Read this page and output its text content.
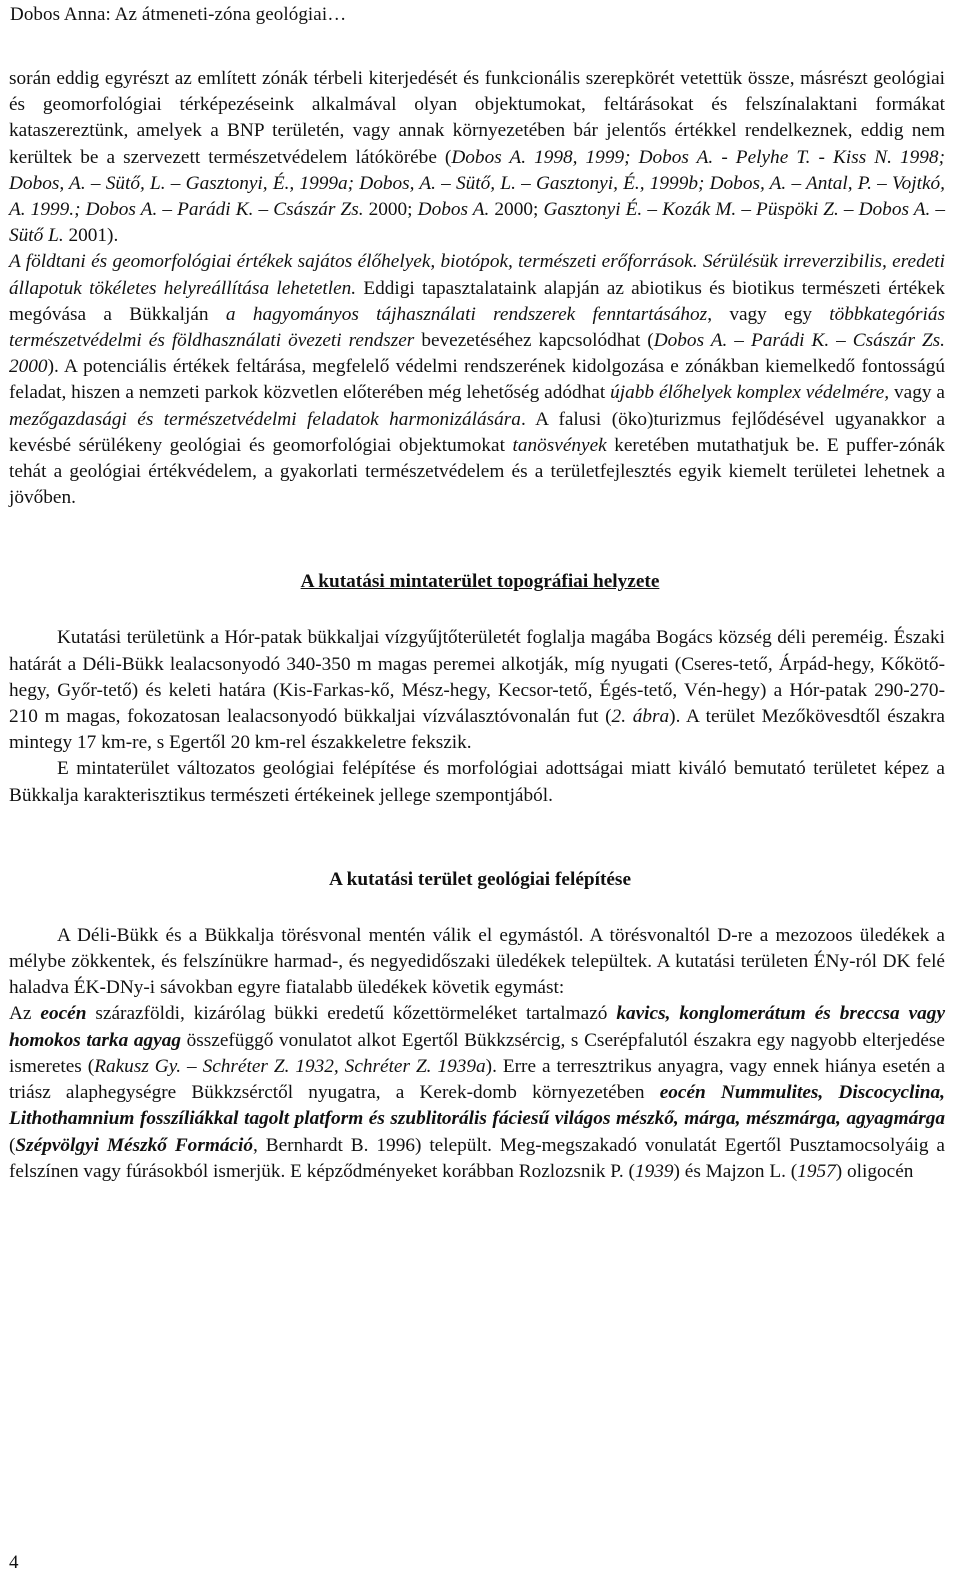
Dobos Anna: Az átmeneti-zóna geológiai…

során eddig egyrészt az említett zónák térbeli kiterjedését és funkcionális szerepkörét vetettük össze, másrészt geológiai és geomorfológiai térképezéseink alkalmával olyan objektumokat, feltárásokat és felszínalaktani formákat kataszereztünk, amelyek a BNP területén, vagy annak környezetében bár jelentős értékkel rendelkeznek, eddig nem kerültek be a szervezett természetvédelem látókörébe (Dobos A. 1998, 1999; Dobos A. - Pelyhe T. - Kiss N. 1998; Dobos, A. – Sütő, L. – Gasztonyi, É., 1999a; Dobos, A. – Sütő, L. – Gasztonyi, É., 1999b; Dobos, A. – Antal, P. – Vojtkó, A. 1999.; Dobos A. – Parádi K. – Császár Zs. 2000; Dobos A. 2000; Gasztonyi É. – Kozák M. – Püspöki Z. – Dobos A. – Sütő L. 2001).

A földtani és geomorfológiai értékek sajátos élőhelyek, biotópok, természeti erőforrások. Sérülésük irreverzibilis, eredeti állapotuk tökéletes helyreállítása lehetetlen. Eddigi tapasztalataink alapján az abiotikus és biotikus természeti értékek megóvása a Bükkalján a hagyományos tájhasználati rendszerek fenntartásához, vagy egy többkategóriás természetvédelmi és földhasználati övezeti rendszer bevezetéséhez kapcsolódhat (Dobos A. – Parádi K. – Császár Zs. 2000). A potenciális értékek feltárása, megfelelő védelmi rendszerének kidolgozása e zónákban kiemelkedő fontosságú feladat, hiszen a nemzeti parkok közvetlen előterében még lehetőség adódhat újabb élőhelyek komplex védelmére, vagy a mezőgazdasági és természetvédelmi feladatok harmonizálására. A falusi (öko)turizmus fejlődésével ugyanakkor a kevésbé sérülékeny geológiai és geomorfológiai objektumokat tanösvények keretében mutathatjuk be. E puffer-zónák tehát a geológiai értékvédelem, a gyakorlati természetvédelem és a területfejlesztés egyik kiemelt területei lehetnek a jövőben.

A kutatási mintaterület topográfiai helyzete

Kutatási területünk a Hór-patak bükkaljai vízgyűjtőterületét foglalja magába Bogács község déli pereméig. Északi határát a Déli-Bükk lealacsonyodó 340-350 m magas peremei alkotják, míg nyugati (Cseres-tető, Árpád-hegy, Kőkötő-hegy, Győr-tető) és keleti határa (Kis-Farkas-kő, Mész-hegy, Kecsor-tető, Égés-tető, Vén-hegy) a Hór-patak 290-270-210 m magas, fokozatosan lealacsonyodó bükkaljai vízválasztóvonalán fut (2. ábra). A terület Mezőkövesdtől északra mintegy 17 km-re, s Egertől 20 km-rel északkeletre fekszik.

E mintaterület változatos geológiai felépítése és morfológiai adottságai miatt kiváló bemutató területet képez a Bükkalja karakterisztikus természeti értékeinek jellege szempontjából.

A kutatási terület geológiai felépítése

A Déli-Bükk és a Bükkalja törésvonal mentén válik el egymástól. A törésvonaltól D-re a mezozoos üledékek a mélybe zökkentek, és felszínükre harmad-, és negyedidőszaki üledékek települtek. A kutatási területen ÉNy-ról DK felé haladva ÉK-DNy-i sávokban egyre fiatalabb üledékek követik egymást:

Az eocén szárazföldi, kizárólag bükki eredetű kőzettörmeléket tartalmazó kavics, konglomerátum és breccsa vagy homokos tarka agyag összefüggő vonulatot alkot Egertől Bükkzsércig, s Cserépfalutól északra egy nagyobb elterjedése ismeretes (Rakusz Gy. – Schréter Z. 1932, Schréter Z. 1939a). Erre a terresztrikus anyagra, vagy ennek hiánya esetén a triász alaphegységre Bükkzsérctől nyugatra, a Kerek-domb környezetében eocén Nummulites, Discocyclina, Lithothamnium fosszíliákkal tagolt platform és szublitorális fáciesű világos mészkő, márga, mészmárga, agyagmárga (Szépvölgyi Mészkő Formáció, Bernhardt B. 1996) települt. Meg-megszakadó vonulatát Egertől Pusztamocsolyáig a felszínen vagy fúrásokból ismerjük. E képződményeket korábban Rozlozsnik P. (1939) és Majzon L. (1957) oligocén

4
